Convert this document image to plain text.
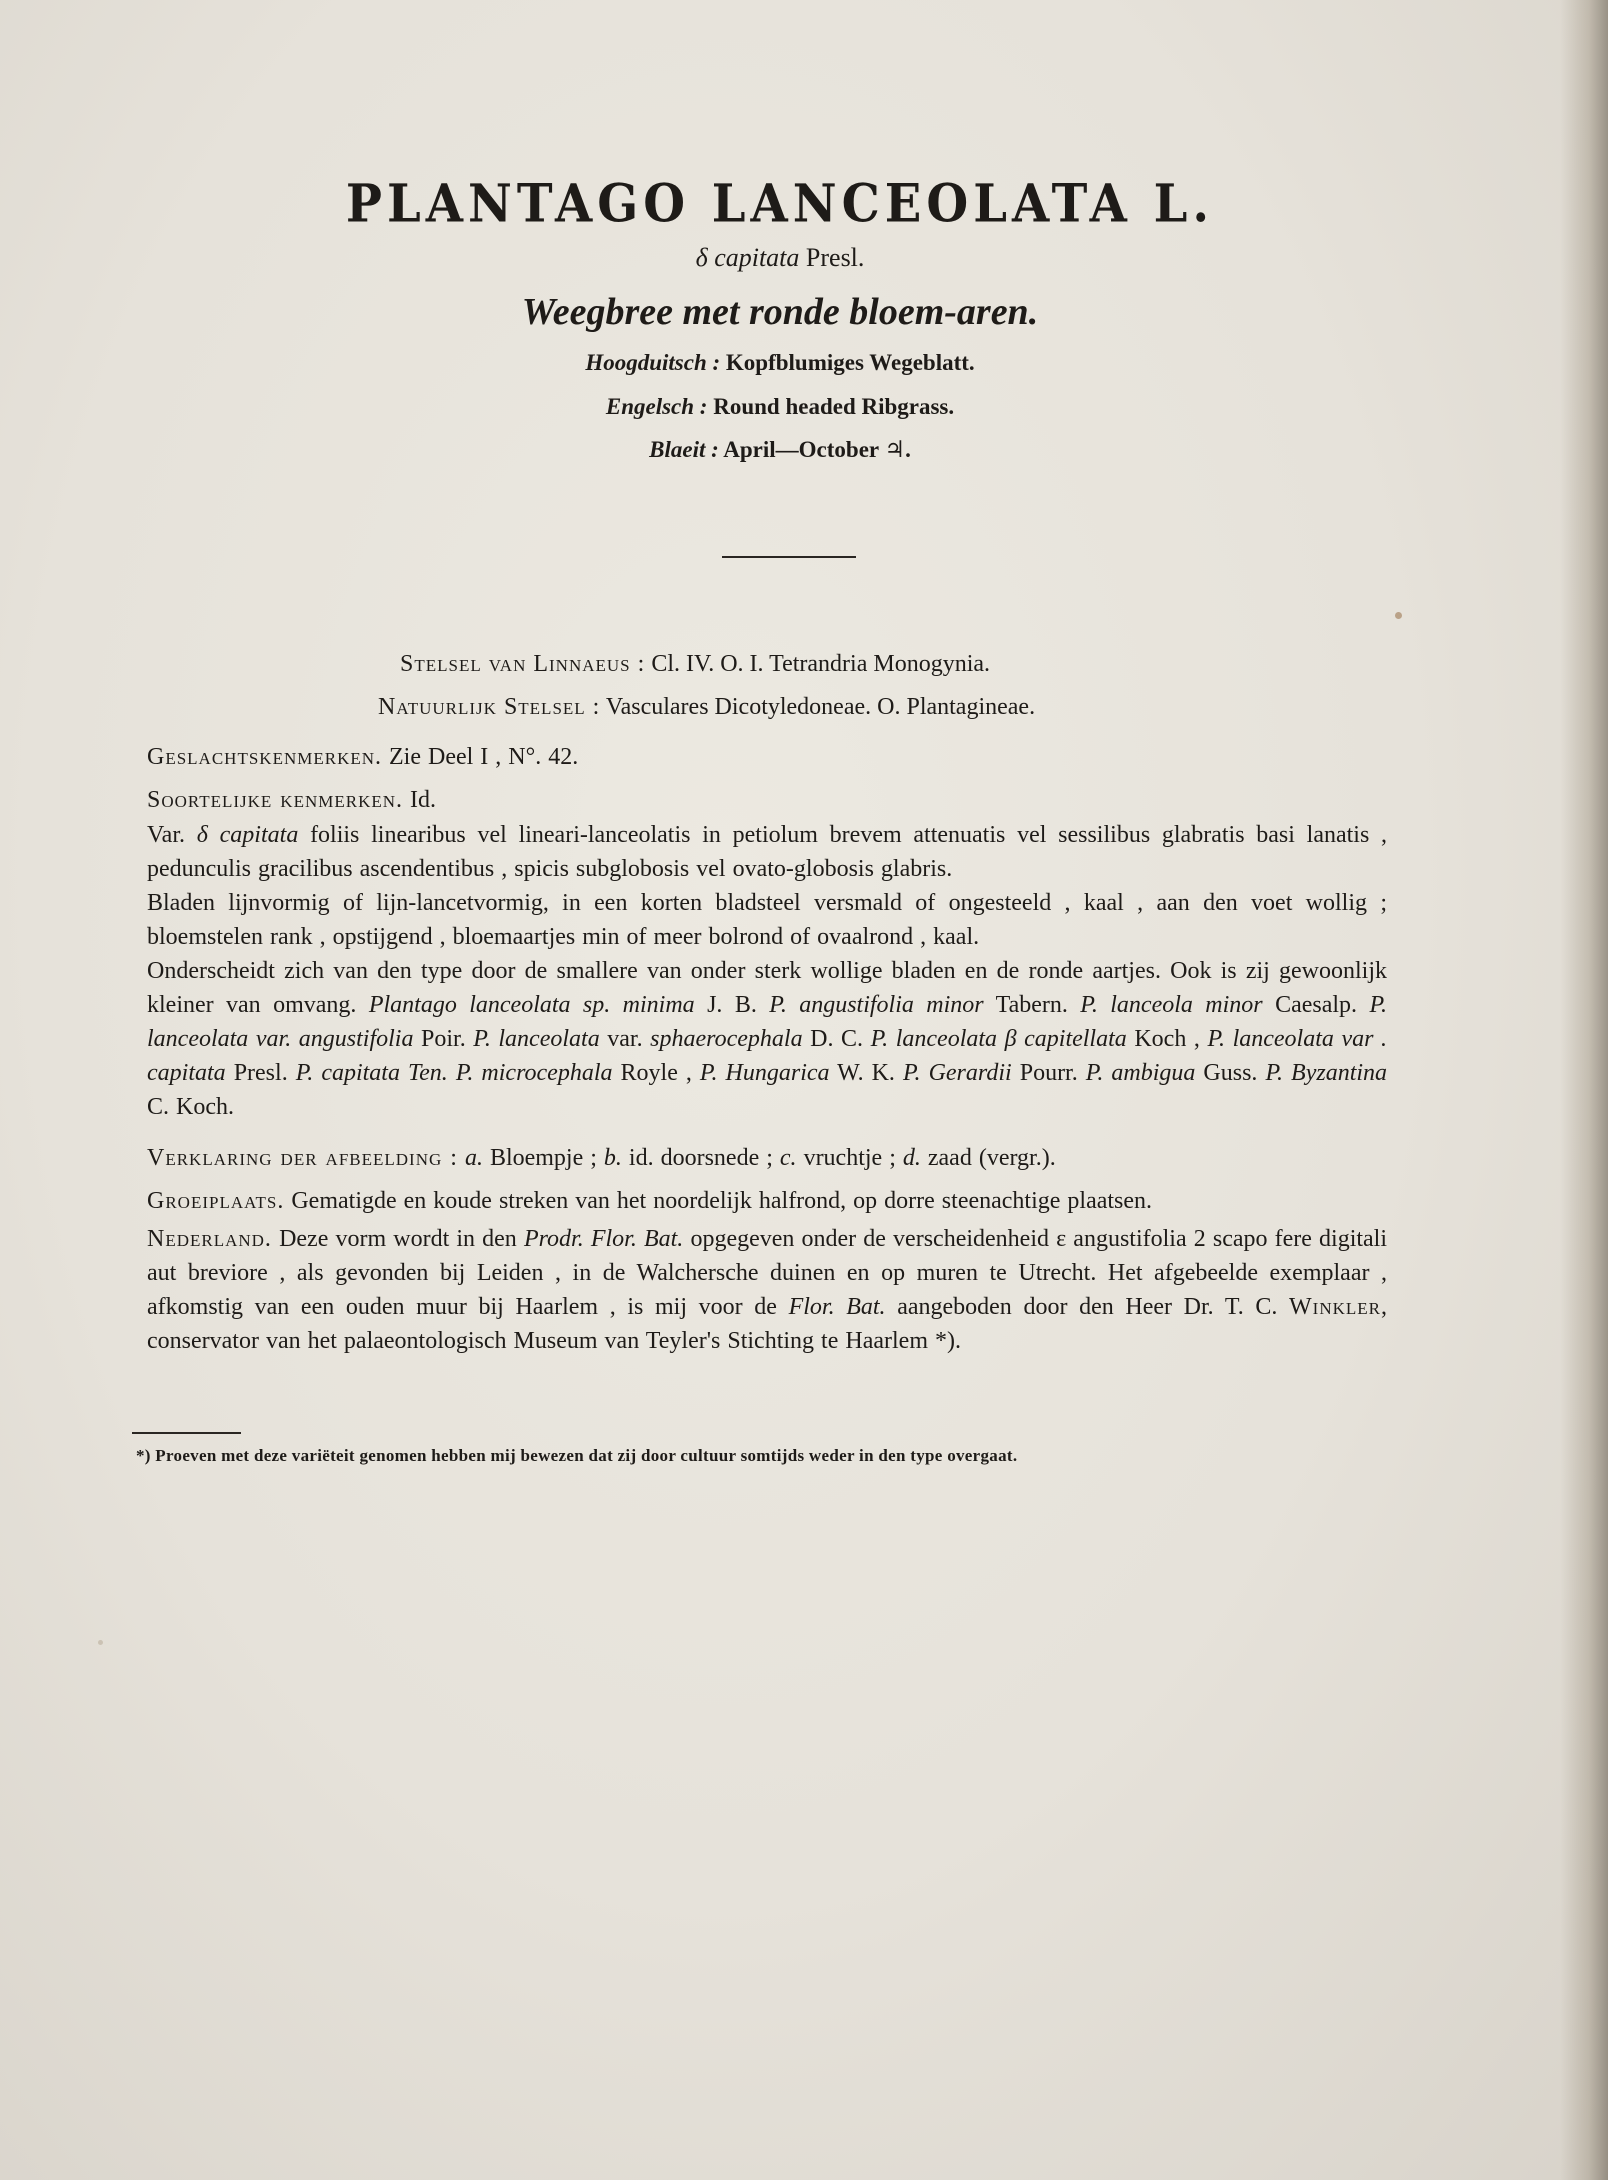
PLANTAGO LANCEOLATA L.
δ capitata Presl.
Weegbree met ronde bloem-aren.
Hoogduitsch : Kopfblumiges Wegeblatt.
Engelsch : Round headed Ribgrass.
Blaeit : April—October ♃.
Stelsel van Linnaeus : Cl. IV. O. I. Tetrandria Monogynia.
Natuurlijk Stelsel : Vasculares Dicotyledoneae. O. Plantagineae.
Geslachtskenmerken. Zie Deel I , N°. 42.
Soortelijke kenmerken. Id.
Var. δ capitata foliis linearibus vel lineari-lanceolatis in petiolum brevem attenuatis vel sessilibus glabratis basi lanatis , pedunculis gracilibus ascendentibus , spicis subglobosis vel ovato-globosis glabris.
Bladen lijnvormig of lijn-lancetvormig, in een korten bladsteel versmald of ongesteeld , kaal , aan den voet wollig ; bloemstelen rank , opstijgend , bloemaartjes min of meer bolrond of ovaalrond , kaal.
Onderscheidt zich van den type door de smallere van onder sterk wollige bladen en de ronde aartjes. Ook is zij gewoonlijk kleiner van omvang. Plantago lanceolata sp. minima J. B. P. angustifolia minor Tabern. P. lanceola minor Caesalp. P. lanceolata var. angustifolia Poir. P. lanceolata var. sphaerocephala D. C. P. lanceolata β capitellata Koch , P. lanceolata var . capitata Presl. P. capitata Ten. P. microcephala Royle , P. Hungarica W. K. P. Gerardii Pourr. P. ambigua Guss. P. Byzantina C. Koch.
Verklaring der afbeelding : a. Bloempje ; b. id. doorsnede ; c. vruchtje ; d. zaad (vergr.).
Groeiplaats. Gematigde en koude streken van het noordelijk halfrond, op dorre steenachtige plaatsen.
Nederland. Deze vorm wordt in den Prodr. Flor. Bat. opgegeven onder de verscheidenheid ε angustifolia 2 scapo fere digitali aut breviore , als gevonden bij Leiden , in de Walchersche duinen en op muren te Utrecht. Het afgebeelde exemplaar , afkomstig van een ouden muur bij Haarlem , is mij voor de Flor. Bat. aangeboden door den Heer Dr. T. C. Winkler, conservator van het palaeontologisch Museum van Teyler's Stichting te Haarlem *).
*) Proeven met deze variëteit genomen hebben mij bewezen dat zij door cultuur somtijds weder in den type overgaat.
